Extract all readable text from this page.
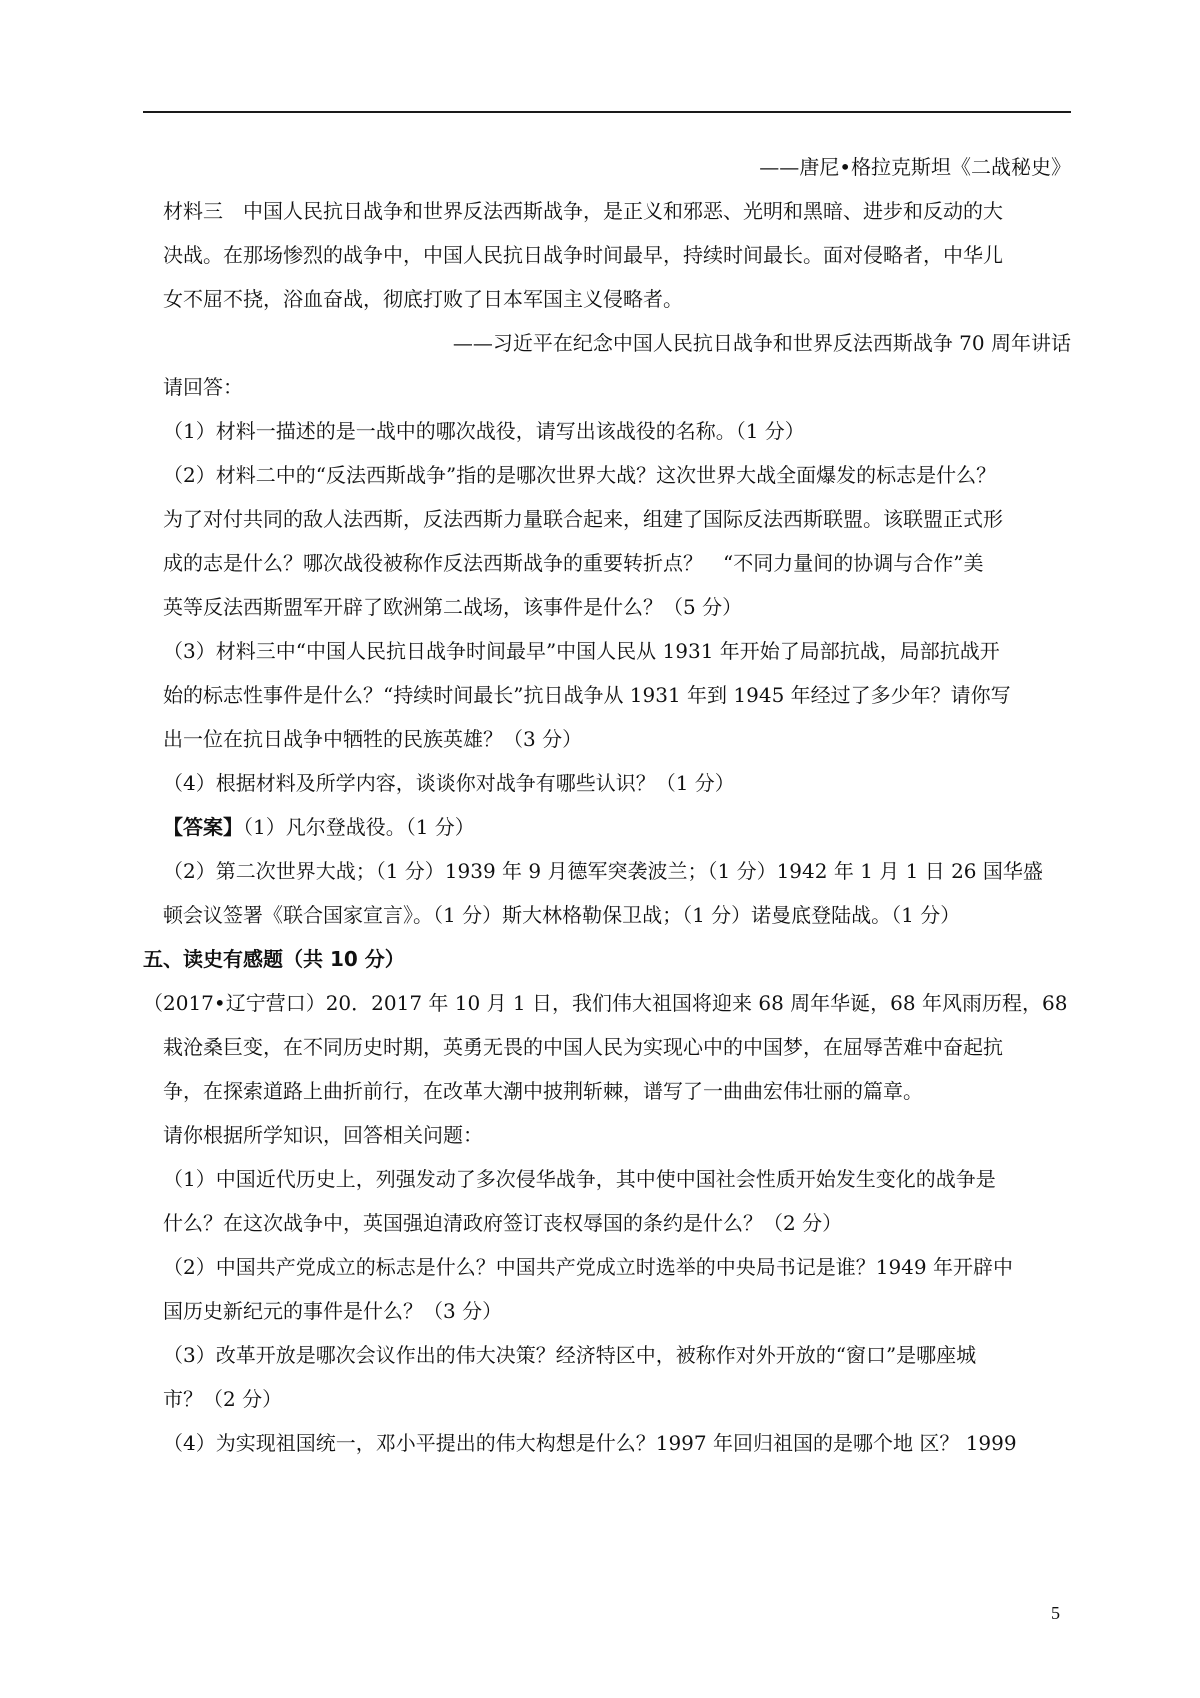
——唐尼•格拉克斯坦《二战秘史》

材料三　中国人民抗日战争和世界反法西斯战争，是正义和邪恶、光明和黑暗、进步和反动的大

决战。在那场惨烈的战争中，中国人民抗日战争时间最早，持续时间最长。面对侵略者，中华儿

女不屈不挠，浴血奋战，彻底打败了日本军国主义侵略者。

——习近平在纪念中国人民抗日战争和世界反法西斯战争 70 周年讲话

请回答：

（1）材料一描述的是一战中的哪次战役，请写出该战役的名称。（1 分）

（2）材料二中的“反法西斯战争”指的是哪次世界大战？这次世界大战全面爆发的标志是什么？

为了对付共同的敌人法西斯，反法西斯力量联合起来，组建了国际反法西斯联盟。该联盟正式形

成的志是什么？哪次战役被称作反法西斯战争的重要转折点？　“不同力量间的协调与合作”美

英等反法西斯盟军开辟了欧洲第二战场，该事件是什么？（5 分）

（3）材料三中“中国人民抗日战争时间最早”中国人民从 1931 年开始了局部抗战，局部抗战开

始的标志性事件是什么？“持续时间最长”抗日战争从 1931 年到 1945 年经过了多少年？请你写

出一位在抗日战争中牺牲的民族英雄？（3 分）

（4）根据材料及所学内容，谈谈你对战争有哪些认识？（1 分）

【答案】（1）凡尔登战役。（1 分）

（2）第二次世界大战；（1 分）1939 年 9 月德军突袭波兰；（1 分）1942 年 1 月 1 日 26 国华盛

顿会议签署《联合国家宣言》。（1 分）斯大林格勒保卫战；（1 分）诺曼底登陆战。（1 分）

五、读史有感题（共 10 分）

（2017•辽宁营口）20．2017 年 10 月 1 日，我们伟大祖国将迎来 68 周年华诞，68 年风雨历程，68

栽沧桑巨变，在不同历史时期，英勇无畏的中国人民为实现心中的中国梦，在屈辱苦难中奋起抗

争，在探索道路上曲折前行，在改革大潮中披荆斩棘，谱写了一曲曲宏伟壮丽的篇章。

请你根据所学知识，回答相关问题：

（1）中国近代历史上，列强发动了多次侵华战争，其中使中国社会性质开始发生变化的战争是

什么？在这次战争中，英国强迫清政府签订丧权辱国的条约是什么？（2 分）

（2）中国共产党成立的标志是什么？中国共产党成立时选举的中央局书记是谁？1949 年开辟中

国历史新纪元的事件是什么？（3 分）

（3）改革开放是哪次会议作出的伟大决策？经济特区中，被称作对外开放的“窗口”是哪座城

市？（2 分）

（4）为实现祖国统一，邓小平提出的伟大构想是什么？1997 年回归祖国的是哪个地 区？ 1999

5
